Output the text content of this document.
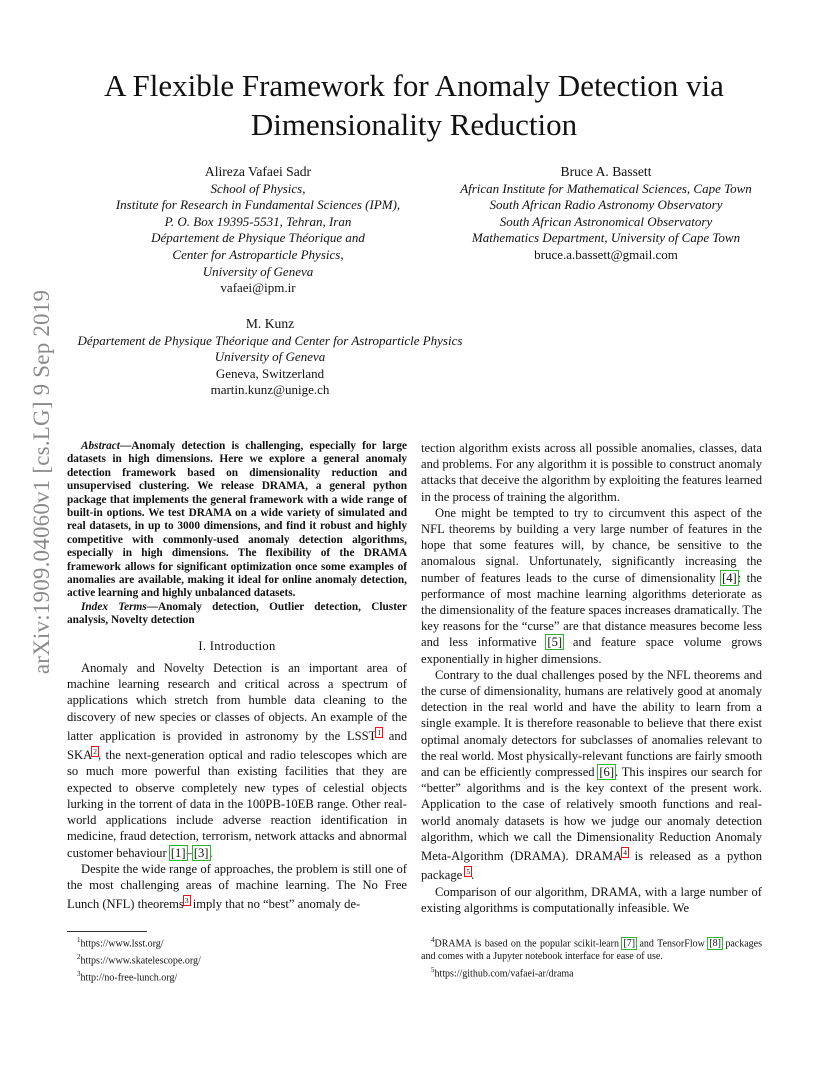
arXiv:1909.04060v1 [cs.LG] 9 Sep 2019
A Flexible Framework for Anomaly Detection via
Dimensionality Reduction
Alireza Vafaei Sadr
School of Physics,
Institute for Research in Fundamental Sciences (IPM),
P. O. Box 19395-5531, Tehran, Iran
Département de Physique Théorique and
Center for Astroparticle Physics,
University of Geneva
vafaei@ipm.ir
Bruce A. Bassett
African Institute for Mathematical Sciences, Cape Town
South African Radio Astronomy Observatory
South African Astronomical Observatory
Mathematics Department, University of Cape Town
bruce.a.bassett@gmail.com
M. Kunz
Département de Physique Théorique and Center for Astroparticle Physics
University of Geneva
Geneva, Switzerland
martin.kunz@unige.ch

Abstract—Anomaly detection is challenging, especially for large datasets in high dimensions. Here we explore a general anomaly detection framework based on dimensionality reduction and unsupervised clustering. We release DRAMA, a general python package that implements the general framework with a wide range of built-in options. We test DRAMA on a wide variety of simulated and real datasets, in up to 3000 dimensions, and find it robust and highly competitive with commonly-used anomaly detection algorithms, especially in high dimensions. The flexibility of the DRAMA framework allows for significant optimization once some examples of anomalies are available, making it ideal for online anomaly detection, active learning and highly unbalanced datasets.

Index Terms—Anomaly detection, Outlier detection, Cluster analysis, Novelty detection

I. Introduction

Anomaly and Novelty Detection is an important area of machine learning research and critical across a spectrum of applications which stretch from humble data cleaning to the discovery of new species or classes of objects. An example of the latter application is provided in astronomy by the LSST$^1$ and SKA$^2$, the next-generation optical and radio telescopes which are so much more powerful than existing facilities that they are expected to observe completely new types of celestial objects lurking in the torrent of data in the 100PB-10EB range. Other real-world applications include adverse reaction identification in medicine, fraud detection, terrorism, network attacks and abnormal customer behaviour [1]–[3].

Despite the wide range of approaches, the problem is still one of the most challenging areas of machine learning. The No Free Lunch (NFL) theorems$^3$ imply that no “best” anomaly de-

tection algorithm exists across all possible anomalies, classes, data and problems. For any algorithm it is possible to construct anomaly attacks that deceive the algorithm by exploiting the features learned in the process of training the algorithm.

One might be tempted to try to circumvent this aspect of the NFL theorems by building a very large number of features in the hope that some features will, by chance, be sensitive to the anomalous signal. Unfortunately, significantly increasing the number of features leads to the curse of dimensionality [4]: the performance of most machine learning algorithms deteriorate as the dimensionality of the feature spaces increases dramatically. The key reasons for the “curse” are that distance measures become less and less informative [5] and feature space volume grows exponentially in higher dimensions.

Contrary to the dual challenges posed by the NFL theorems and the curse of dimensionality, humans are relatively good at anomaly detection in the real world and have the ability to learn from a single example. It is therefore reasonable to believe that there exist optimal anomaly detectors for subclasses of anomalies relevant to the real world. Most physically-relevant functions are fairly smooth and can be efficiently compressed [6]. This inspires our search for “better” algorithms and is the key context of the present work. Application to the case of relatively smooth functions and real-world anomaly datasets is how we judge our anomaly detection algorithm, which we call the Dimensionality Reduction Anomaly Meta-Algorithm (DRAMA). DRAMA$^4$ is released as a python package $^5$.

Comparison of our algorithm, DRAMA, with a large number of existing algorithms is computationally infeasible. We

$^1$https://www.lsst.org/
$^2$https://www.skatelescope.org/
$^3$http://no-free-lunch.org/
$^4$DRAMA is based on the popular scikit-learn [7] and TensorFlow [8] packages and comes with a Jupyter notebook interface for ease of use.
$^5$https://github.com/vafaei-ar/drama
